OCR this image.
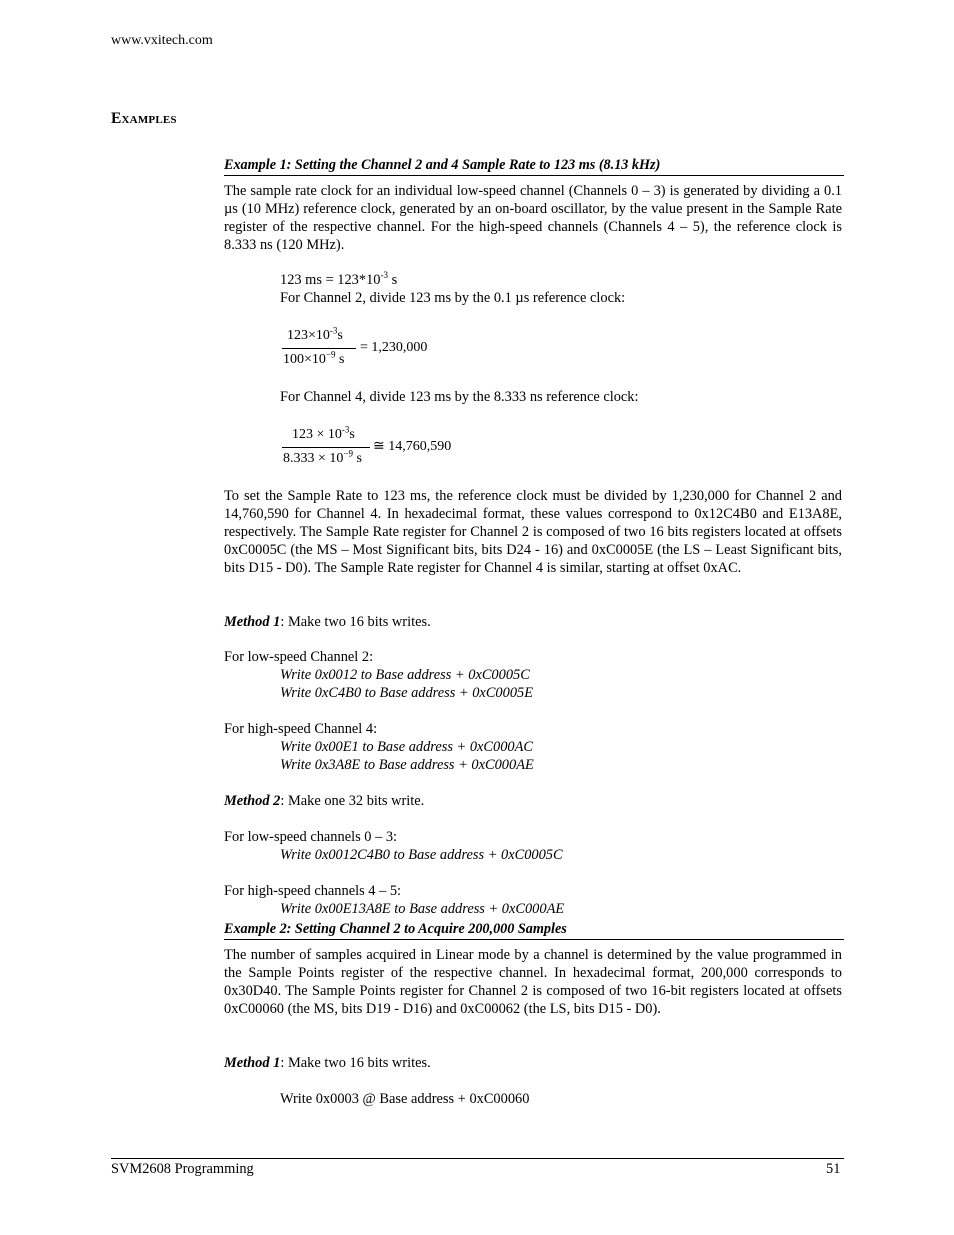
www.vxitech.com
Examples
Example 1: Setting the Channel 2 and 4 Sample Rate to 123 ms (8.13 kHz)
The sample rate clock for an individual low-speed channel (Channels 0 – 3) is generated by dividing a 0.1 µs (10 MHz) reference clock, generated by an on-board oscillator, by the value present in the Sample Rate register of the respective channel. For the high-speed channels (Channels 4 – 5), the reference clock is 8.333 ns (120 MHz).
123 ms = $123*10^{-3}$ s
For Channel 2, divide 123 ms by the 0.1 µs reference clock:
$123\times 10^{-3}s$
$100\times 10^{-9}$ s
= 1,230,000
For Channel 4, divide 123 ms by the 8.333 ns reference clock:
$123 \times 10^{-3}s$
$8.333 \times 10^{-9}$ s
≅ 14,760,590
To set the Sample Rate to 123 ms, the reference clock must be divided by 1,230,000 for Channel 2 and 14,760,590 for Channel 4. In hexadecimal format, these values correspond to 0x12C4B0 and E13A8E, respectively. The Sample Rate register for Channel 2 is composed of two 16 bits registers located at offsets 0xC0005C (the MS – Most Significant bits, bits D24 - 16) and 0xC0005E (the LS – Least Significant bits, bits D15 - D0). The Sample Rate register for Channel 4 is similar, starting at offset 0xAC.
Method 1: Make two 16 bits writes.
For low-speed Channel 2:
Write 0x0012 to Base address + 0xC0005C
Write 0xC4B0 to Base address + 0xC0005E
For high-speed Channel 4:
Write 0x00E1 to Base address + 0xC000AC
Write 0x3A8E to Base address + 0xC000AE
Method 2: Make one 32 bits write.
For low-speed channels 0 – 3:
Write 0x0012C4B0 to Base address + 0xC0005C
For high-speed channels 4 – 5:
Write 0x00E13A8E to Base address + 0xC000AE
Example 2: Setting Channel 2 to Acquire 200,000 Samples
The number of samples acquired in Linear mode by a channel is determined by the value programmed in the Sample Points register of the respective channel. In hexadecimal format, 200,000 corresponds to 0x30D40. The Sample Points register for Channel 2 is composed of two 16-bit registers located at offsets 0xC00060 (the MS, bits D19 - D16) and 0xC00062 (the LS, bits D15 - D0).
Method 1: Make two 16 bits writes.
Write 0x0003 @ Base address + 0xC00060
SVM2608 Programming	51
